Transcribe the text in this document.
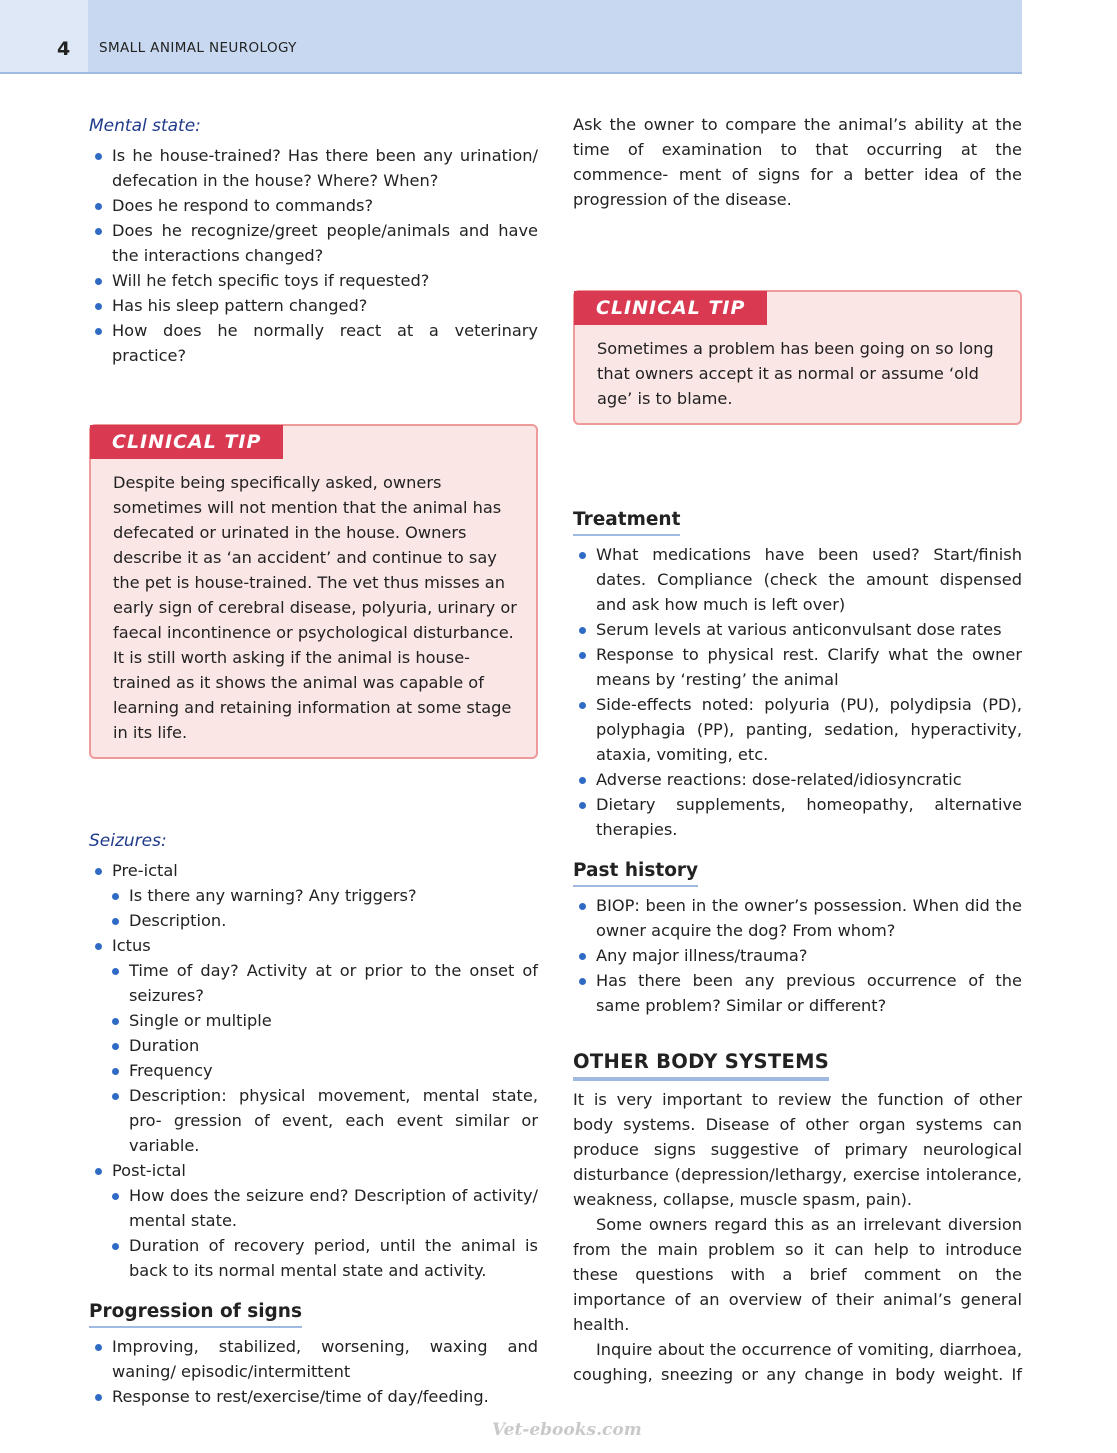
4 SMALL ANIMAL NEUROLOGY

Mental state:

Is he house-trained? Has there been any urination/ defecation in the house? Where? When?
Does he respond to commands?
Does he recognize/greet people/animals and have the interactions changed?
Will he fetch specific toys if requested?
Has his sleep pattern changed?
How does he normally react at a veterinary practice?
CLINICAL TIP

Despite being specifically asked, owners sometimes will not mention that the animal has defecated or urinated in the house. Owners describe it as ‘an accident’ and continue to say the pet is house-trained. The vet thus misses an early sign of cerebral disease, polyuria, urinary or faecal incontinence or psychological disturbance. It is still worth asking if the animal is house-trained as it shows the animal was capable of learning and retaining information at some stage in its life.

Seizures:

Pre-ictal
Is there any warning? Any triggers?
Description.
Ictus
Time of day? Activity at or prior to the onset of seizures?
Single or multiple
Duration
Frequency
Description: physical movement, mental state, pro- gression of event, each event similar or variable.
Post-ictal
How does the seizure end? Description of activity/ mental state.
Duration of recovery period, until the animal is back to its normal mental state and activity.
Progression of signs
Improving, stabilized, worsening, waxing and waning/ episodic/intermittent
Response to rest/exercise/time of day/feeding.

Ask the owner to compare the animal’s ability at the time of examination to that occurring at the commence- ment of signs for a better idea of the progression of the disease.

CLINICAL TIP

Sometimes a problem has been going on so long that owners accept it as normal or assume ‘old age’ is to blame.

Treatment
What medications have been used? Start/finish dates. Compliance (check the amount dispensed and ask how much is left over)
Serum levels at various anticonvulsant dose rates
Response to physical rest. Clarify what the owner means by ‘resting’ the animal
Side-effects noted: polyuria (PU), polydipsia (PD), polyphagia (PP), panting, sedation, hyperactivity, ataxia, vomiting, etc.
Adverse reactions: dose-related/idiosyncratic
Dietary supplements, homeopathy, alternative therapies.
Past history
BIOP: been in the owner’s possession. When did the owner acquire the dog? From whom?
Any major illness/trauma?
Has there been any previous occurrence of the same problem? Similar or different?
OTHER BODY SYSTEMS

It is very important to review the function of other body systems. Disease of other organ systems can produce signs suggestive of primary neurological disturbance (depression/lethargy, exercise intolerance, weakness, collapse, muscle spasm, pain).

Some owners regard this as an irrelevant diversion from the main problem so it can help to introduce these questions with a brief comment on the importance of an overview of their animal’s general health.

Inquire about the occurrence of vomiting, diarrhoea, coughing, sneezing or any change in body weight. If

Vet-ebooks.com
